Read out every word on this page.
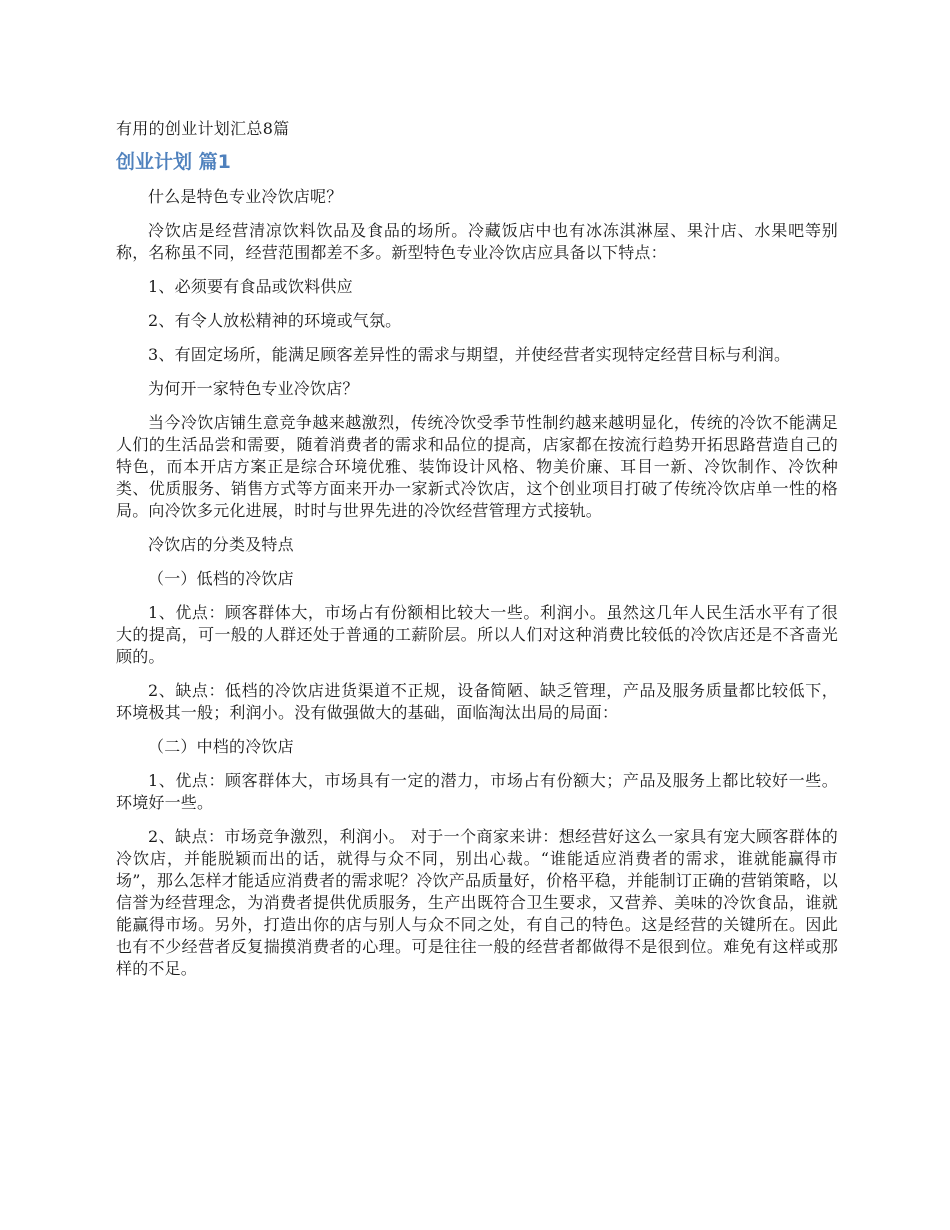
有用的创业计划汇总8篇
创业计划 篇1

什么是特色专业冷饮店呢？

冷饮店是经营清凉饮料饮品及食品的场所。冷藏饭店中也有冰冻淇淋屋、果汁店、水果吧等别称，名称虽不同，经营范围都差不多。新型特色专业冷饮店应具备以下特点：

1、必须要有食品或饮料供应

2、有令人放松精神的环境或气氛。

3、有固定场所，能满足顾客差异性的需求与期望，并使经营者实现特定经营目标与利润。

为何开一家特色专业冷饮店？

当今冷饮店铺生意竞争越来越激烈，传统冷饮受季节性制约越来越明显化，传统的冷饮不能满足人们的生活品尝和需要，随着消费者的需求和品位的提高，店家都在按流行趋势开拓思路营造自己的特色，而本开店方案正是综合环境优雅、装饰设计风格、物美价廉、耳目一新、冷饮制作、冷饮种类、优质服务、销售方式等方面来开办一家新式冷饮店，这个创业项目打破了传统冷饮店单一性的格局。向冷饮多元化进展，时时与世界先进的冷饮经营管理方式接轨。

冷饮店的分类及特点

（一）低档的冷饮店

1、优点：顾客群体大，市场占有份额相比较大一些。利润小。虽然这几年人民生活水平有了很大的提高，可一般的人群还处于普通的工薪阶层。所以人们对这种消费比较低的冷饮店还是不吝啬光顾的。

2、缺点：低档的冷饮店进货渠道不正规，设备简陋、缺乏管理，产品及服务质量都比较低下，环境极其一般；利润小。没有做强做大的基础，面临淘汰出局的局面：

（二）中档的冷饮店

1、优点：顾客群体大，市场具有一定的潜力，市场占有份额大；产品及服务上都比较好一些。环境好一些。

2、缺点：市场竞争激烈，利润小。 对于一个商家来讲：想经营好这么一家具有宠大顾客群体的冷饮店，并能脱颖而出的话，就得与众不同，别出心裁。“谁能适应消费者的需求，谁就能赢得市场”，那么怎样才能适应消费者的需求呢？冷饮产品质量好，价格平稳，并能制订正确的营销策略，以信誉为经营理念，为消费者提供优质服务，生产出既符合卫生要求，又营养、美味的冷饮食品，谁就能赢得市场。另外，打造出你的店与别人与众不同之处，有自己的特色。这是经营的关键所在。因此也有不少经营者反复揣摸消费者的心理。可是往往一般的经营者都做得不是很到位。难免有这样或那样的不足。
